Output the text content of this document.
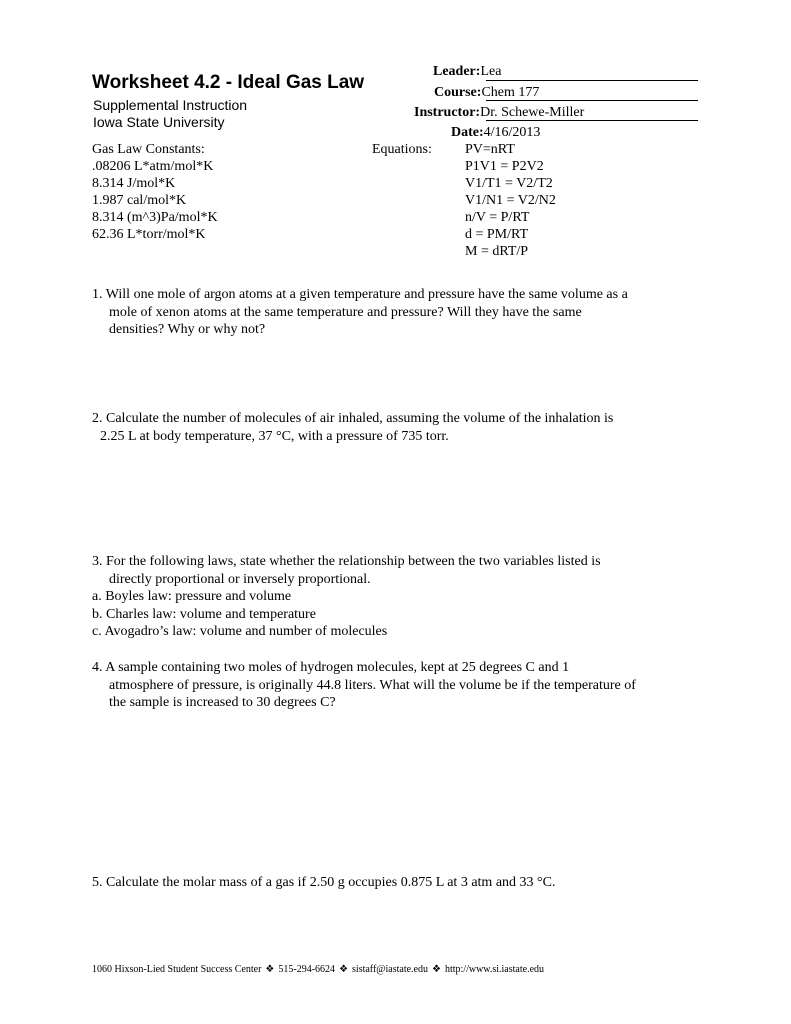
Worksheet 4.2 - Ideal Gas Law
Supplemental Instruction
Iowa State University
Leader:Lea
Course:Chem 177
Instructor:Dr. Schewe-Miller
Date:4/16/2013
Gas Law Constants:
.08206 L*atm/mol*K
8.314 J/mol*K
1.987 cal/mol*K
8.314 (m^3)Pa/mol*K
62.36 L*torr/mol*K
Equations: PV=nRT
P1V1 = P2V2
V1/T1 = V2/T2
V1/N1 = V2/N2
n/V = P/RT
d = PM/RT
M = dRT/P
1. Will one mole of argon atoms at a given temperature and pressure have the same volume as a
mole of xenon atoms at the same temperature and pressure? Will they have the same
densities? Why or why not?
2. Calculate the number of molecules of air inhaled, assuming the volume of the inhalation is
2.25 L at body temperature, 37 °C, with a pressure of 735 torr.
3. For the following laws, state whether the relationship between the two variables listed is
directly proportional or inversely proportional.
a. Boyles law: pressure and volume
b. Charles law: volume and temperature
c. Avogadro’s law: volume and number of molecules
4. A sample containing two moles of hydrogen molecules, kept at 25 degrees C and 1
atmosphere of pressure, is originally 44.8 liters. What will the volume be if the temperature of
the sample is increased to 30 degrees C?
5. Calculate the molar mass of a gas if 2.50 g occupies 0.875 L at 3 atm and 33 °C.
1060 Hixson-Lied Student Success Center ❖ 515-294-6624 ❖ sistaff@iastate.edu ❖ http://www.si.iastate.edu
